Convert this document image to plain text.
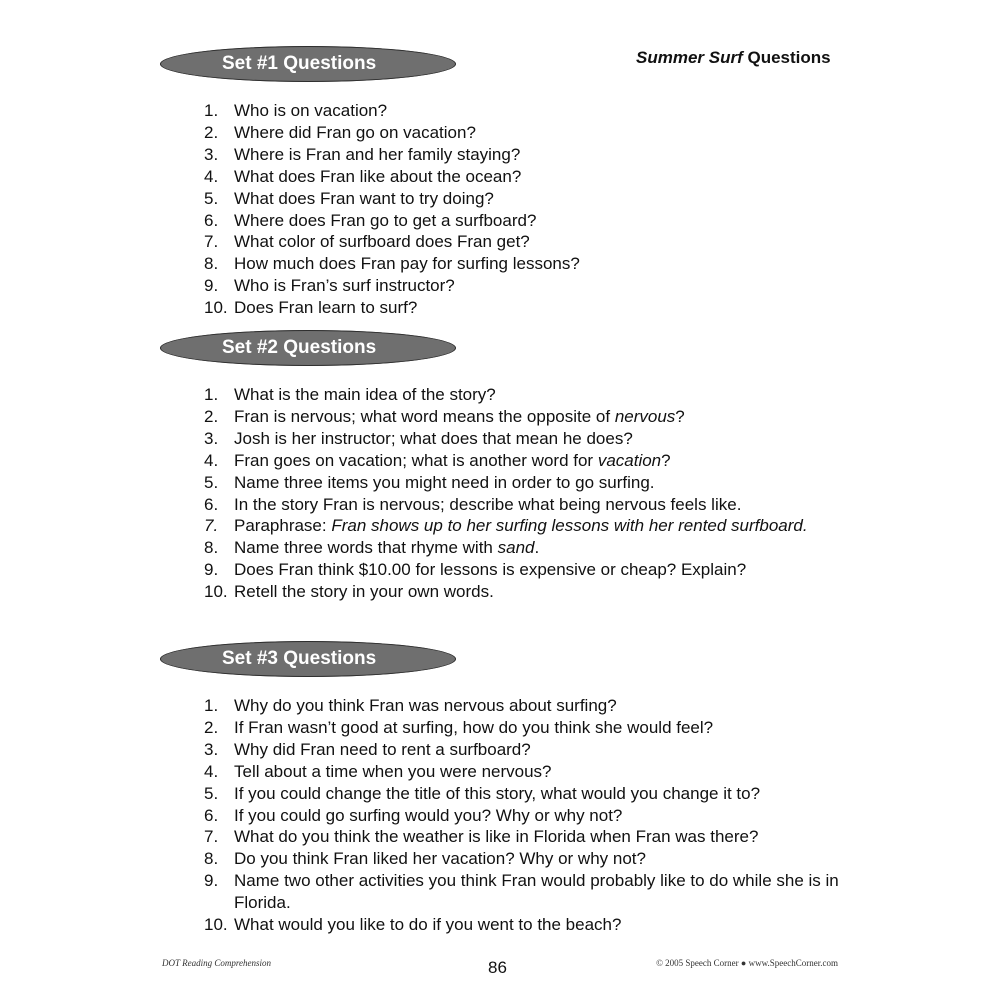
Summer Surf Questions
Set #1 Questions
1. Who is on vacation?
2. Where did Fran go on vacation?
3. Where is Fran and her family staying?
4. What does Fran like about the ocean?
5. What does Fran want to try doing?
6. Where does Fran go to get a surfboard?
7. What color of surfboard does Fran get?
8. How much does Fran pay for surfing lessons?
9. Who is Fran’s surf instructor?
10. Does Fran learn to surf?
Set #2 Questions
1. What is the main idea of the story?
2. Fran is nervous; what word means the opposite of nervous?
3. Josh is her instructor; what does that mean he does?
4. Fran goes on vacation; what is another word for vacation?
5. Name three items you might need in order to go surfing.
6. In the story Fran is nervous; describe what being nervous feels like.
7. Paraphrase: Fran shows up to her surfing lessons with her rented surfboard.
8. Name three words that rhyme with sand.
9. Does Fran think $10.00 for lessons is expensive or cheap? Explain?
10. Retell the story in your own words.
Set #3 Questions
1. Why do you think Fran was nervous about surfing?
2. If Fran wasn’t good at surfing, how do you think she would feel?
3. Why did Fran need to rent a surfboard?
4. Tell about a time when you were nervous?
5. If you could change the title of this story, what would you change it to?
6. If you could go surfing would you? Why or why not?
7. What do you think the weather is like in Florida when Fran was there?
8. Do you think Fran liked her vacation? Why or why not?
9. Name two other activities you think Fran would probably like to do while she is in Florida.
10. What would you like to do if you went to the beach?
DOT Reading Comprehension	86	© 2005 Speech Corner ● www.SpeechCorner.com
